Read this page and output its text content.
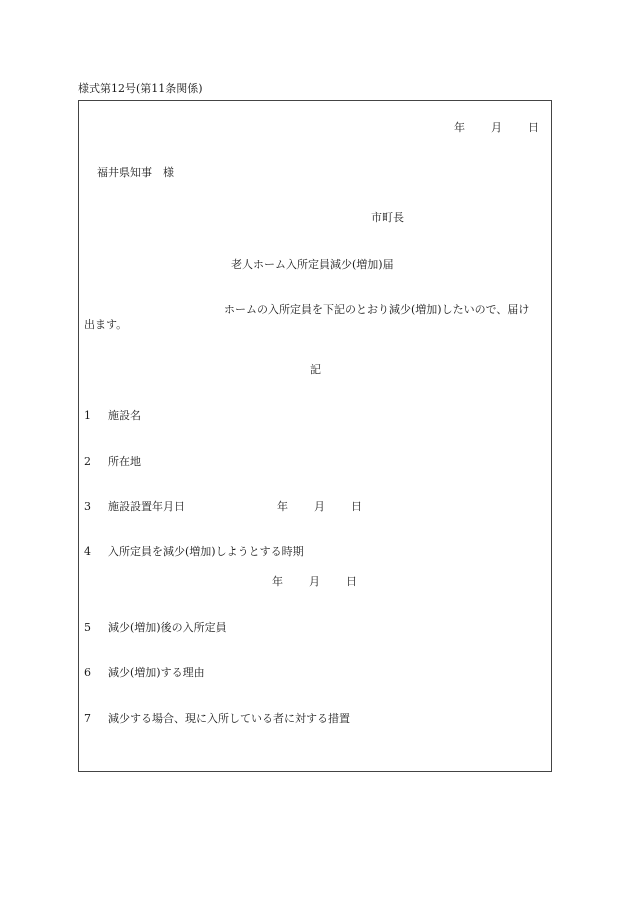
様式第12号(第11条関係)
年 月 日
福井県知事　様
市町長
老人ホーム入所定員減少(増加)届
ホームの入所定員を下記のとおり減少(増加)したいので、届け
出ます。
記
1 施設名
2 所在地
3 施設設置年月日	年 月 日
4 入所定員を減少(増加)しようとする時期
年 月 日
5 減少(増加)後の入所定員
6 減少(増加)する理由
7 減少する場合、現に入所している者に対する措置
